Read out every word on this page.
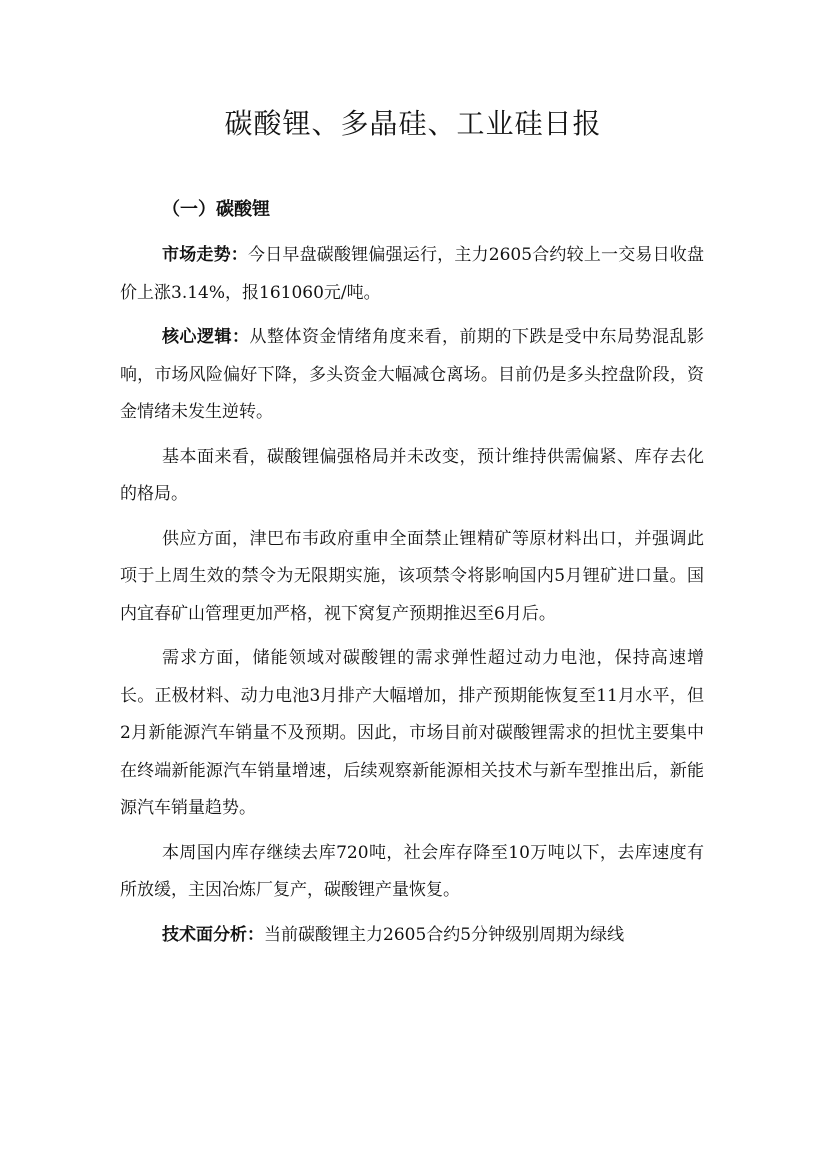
碳酸锂、多晶硅、工业硅日报
（一）碳酸锂

市场走势：今日早盘碳酸锂偏强运行，主力2605合约较上一交易日收盘价上涨3.14%，报161060元/吨。

核心逻辑：从整体资金情绪角度来看，前期的下跌是受中东局势混乱影响，市场风险偏好下降，多头资金大幅减仓离场。目前仍是多头控盘阶段，资金情绪未发生逆转。

基本面来看，碳酸锂偏强格局并未改变，预计维持供需偏紧、库存去化的格局。

供应方面，津巴布韦政府重申全面禁止锂精矿等原材料出口，并强调此项于上周生效的禁令为无限期实施，该项禁令将影响国内5月锂矿进口量。国内宜春矿山管理更加严格，视下窝复产预期推迟至6月后。

需求方面，储能领域对碳酸锂的需求弹性超过动力电池，保持高速增长。正极材料、动力电池3月排产大幅增加，排产预期能恢复至11月水平，但2月新能源汽车销量不及预期。因此，市场目前对碳酸锂需求的担忧主要集中在终端新能源汽车销量增速，后续观察新能源相关技术与新车型推出后，新能源汽车销量趋势。

本周国内库存继续去库720吨，社会库存降至10万吨以下，去库速度有所放缓，主因冶炼厂复产，碳酸锂产量恢复。

技术面分析：当前碳酸锂主力2605合约5分钟级别周期为绿线
